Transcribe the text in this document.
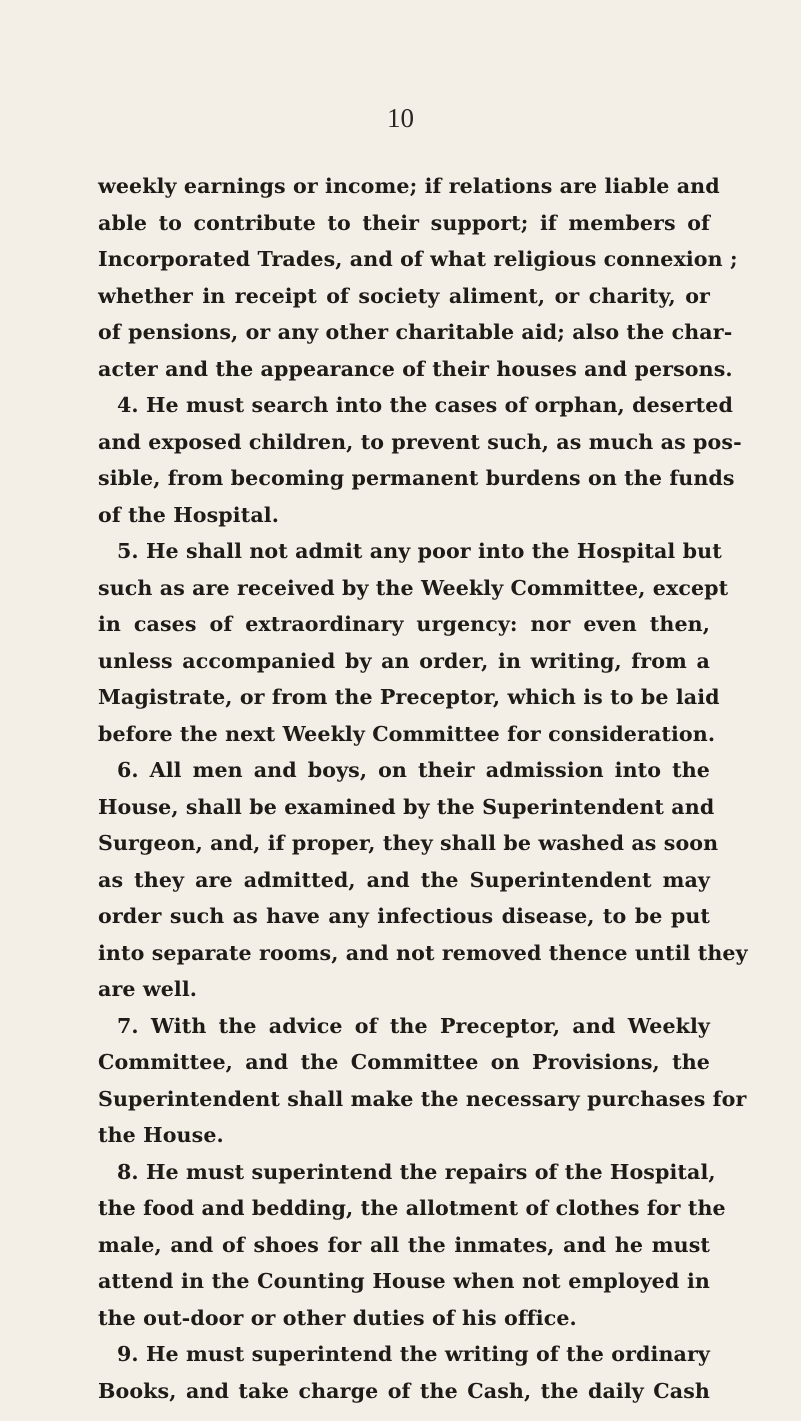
10
weekly earnings or income; if relations are liable and
able to contribute to their support; if members of
Incorporated Trades, and of what religious connexion ;
whether in receipt of society aliment, or charity, or
of pensions, or any other charitable aid; also the char-
acter and the appearance of their houses and persons.
4. He must search into the cases of orphan, deserted
and exposed children, to prevent such, as much as pos-
sible, from becoming permanent burdens on the funds
of the Hospital.
5. He shall not admit any poor into the Hospital but
such as are received by the Weekly Committee, except
in cases of extraordinary urgency: nor even then,
unless accompanied by an order, in writing, from a
Magistrate, or from the Preceptor, which is to be laid
before the next Weekly Committee for consideration.
6. All men and boys, on their admission into the
House, shall be examined by the Superintendent and
Surgeon, and, if proper, they shall be washed as soon
as they are admitted, and the Superintendent may
order such as have any infectious disease, to be put
into separate rooms, and not removed thence until they
are well.
7. With the advice of the Preceptor, and Weekly
Committee, and the Committee on Provisions, the
Superintendent shall make the necessary purchases for
the House.
8. He must superintend the repairs of the Hospital,
the food and bedding, the allotment of clothes for the
male, and of shoes for all the inmates, and he must
attend in the Counting House when not employed in
the out-door or other duties of his office.
9. He must superintend the writing of the ordinary
Books, and take charge of the Cash, the daily Cash
